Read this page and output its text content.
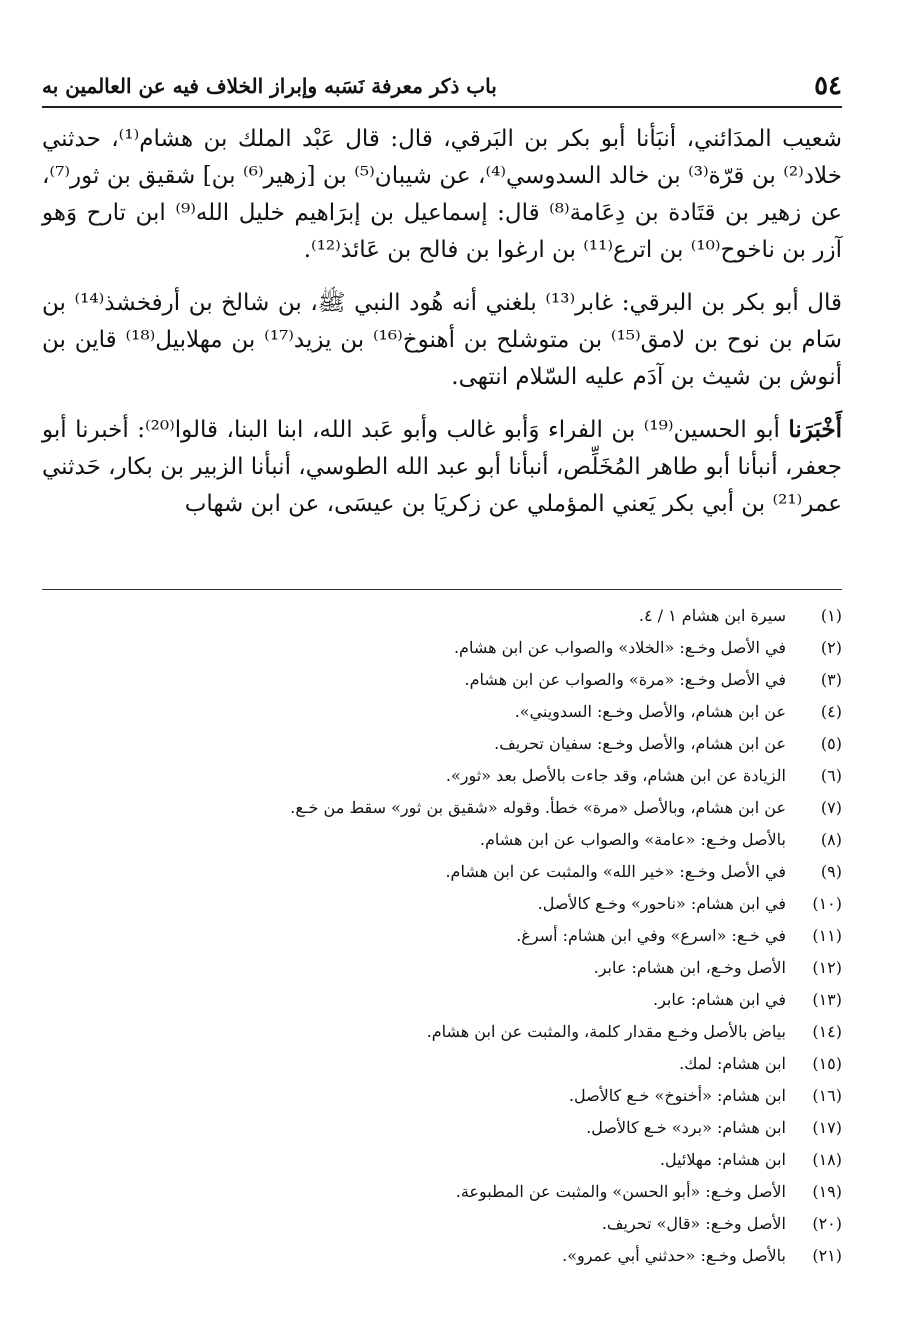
٥٤
باب ذكر معرفة نَسَبه وإبراز الخلاف فيه عن العالمين به

شعيب المدَائني، أنبَأنا أبو بكر بن البَرقي، قال: قال عَبْد الملك بن هشام⁽¹⁾، حدثني خلاد⁽²⁾ بن قرّة⁽³⁾ بن خالد السدوسي⁽⁴⁾، عن شيبان⁽⁵⁾ بن [زهير⁽⁶⁾ بن] شقيق بن ثور⁽⁷⁾، عن زهير بن قتَادة بن دِعَامة⁽⁸⁾ قال: إسماعيل بن إبرَاهيم خليل الله⁽⁹⁾ ابن تارح وَهو آزر بن ناخوح⁽¹⁰⁾ بن اترع⁽¹¹⁾ بن ارغوا بن فالح بن عَائذ⁽¹²⁾.

قال أبو بكر بن البرقي: غابر⁽¹³⁾ بلغني أنه هُود النبي ﷺ، بن شالخ بن أرفخشذ⁽¹⁴⁾ بن سَام بن نوح بن لامق⁽¹⁵⁾ بن متوشلح بن أهنوخ⁽¹⁶⁾ بن يزيد⁽¹⁷⁾ بن مهلابيل⁽¹⁸⁾ قاين بن أنوش بن شيث بن آدَم عليه السّلام انتهى.

أَخْبَرَنا أبو الحسين⁽¹⁹⁾ بن الفراء وَأبو غالب وأبو عَبد الله، ابنا البنا، قالوا⁽²⁰⁾: أخبرنا أبو جعفر، أنبأنا أبو طاهر المُخَلِّص، أنبأنا أبو عبد الله الطوسي، أنبأنا الزبير بن بكار، حَدثني عمر⁽²¹⁾ بن أبي بكر يَعني المؤملي عن زكريَا بن عيسَى، عن ابن شهاب

(١)
سيرة ابن هشام ١ / ٤.
(٢)
في الأصل وخـع: «الخلاد» والصواب عن ابن هشام.
(٣)
في الأصل وخـع: «مرة» والصواب عن ابن هشام.
(٤)
عن ابن هشام، والأصل وخـع: السدويني».
(٥)
عن ابن هشام، والأصل وخـع: سفيان تحريف.
(٦)
الزيادة عن ابن هشام، وقد جاءت بالأصل بعد «ثور».
(٧)
عن ابن هشام، وبالأصل «مرة» خطأ. وقوله «شقيق بن ثور» سقط من خـع.
(٨)
بالأصل وخـع: «عامة» والصواب عن ابن هشام.
(٩)
في الأصل وخـع: «خير الله» والمثبت عن ابن هشام.
(١٠)
في ابن هشام: «ناحور» وخـع كالأصل.
(١١)
في خـع: «اسرع» وفي ابن هشام: أسرغ.
(١٢)
الأصل وخـع، ابن هشام: عابر.
(١٣)
في ابن هشام: عابر.
(١٤)
بياض بالأصل وخـع مقدار كلمة، والمثبت عن ابن هشام.
(١٥)
ابن هشام: لمك.
(١٦)
ابن هشام: «أخنوخ» خـع كالأصل.
(١٧)
ابن هشام: «برد» خـع كالأصل.
(١٨)
ابن هشام: مهلائيل.
(١٩)
الأصل وخـع: «أبو الحسن» والمثبت عن المطبوعة.
(٢٠)
الأصل وخـع: «قال» تحريف.
(٢١)
بالأصل وخـع: «حدثني أبي عمرو».
